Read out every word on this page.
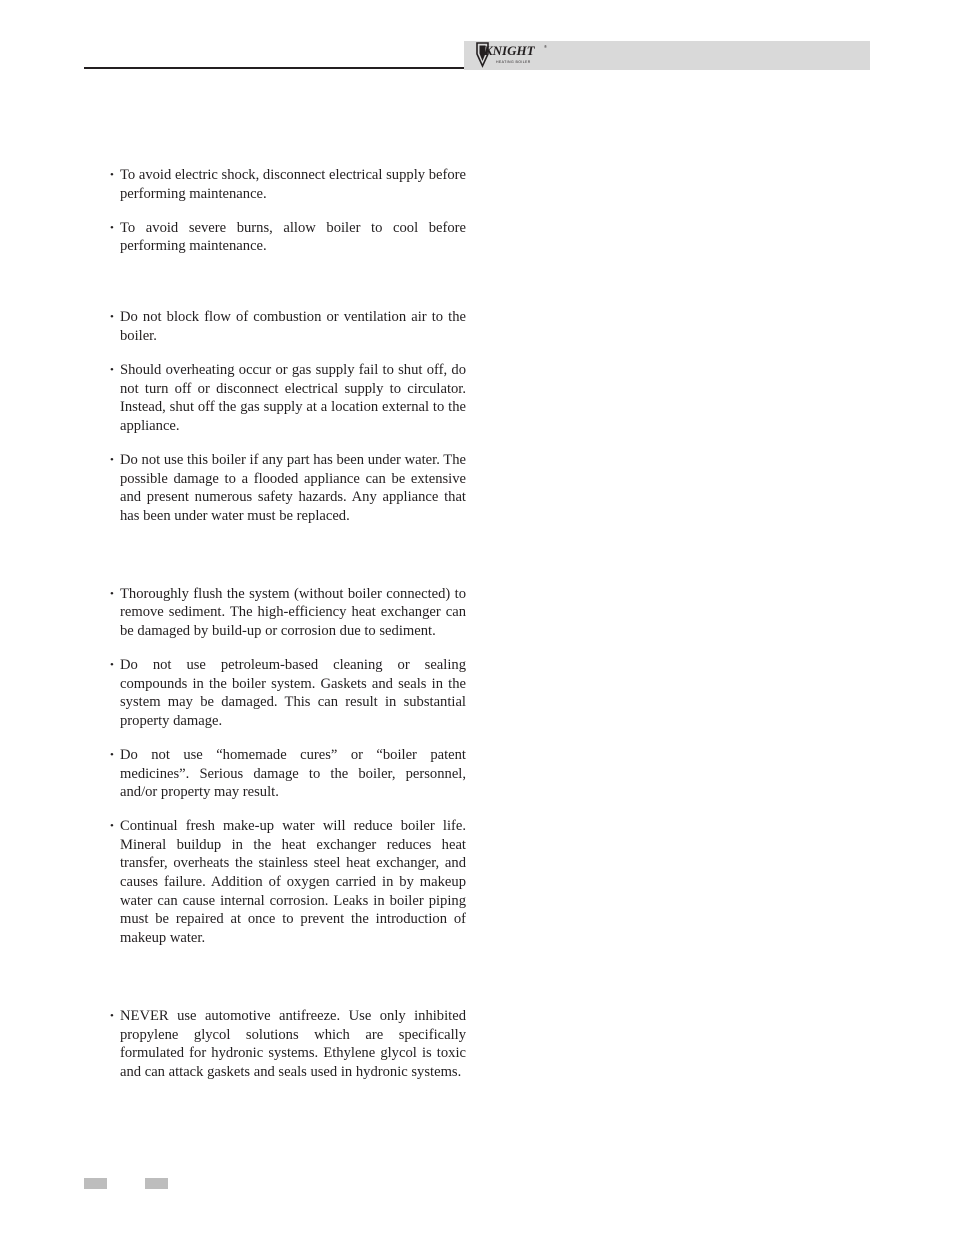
KNIGHT
HEATING BOILER
®
• To avoid electric shock, disconnect electrical supply before performing maintenance.
• To avoid severe burns, allow boiler to cool before performing maintenance.
• Do not block flow of combustion or ventilation air to the boiler.
• Should overheating occur or gas supply fail to shut off, do not turn off or disconnect electrical supply to circulator. Instead, shut off the gas supply at a location external to the appliance.
• Do not use this boiler if any part has been under water. The possible damage to a flooded appliance can be extensive and present numerous safety hazards. Any appliance that has been under water must be replaced.
• Thoroughly flush the system (without boiler connected) to remove sediment. The high-efficiency heat exchanger can be damaged by build-up or corrosion due to sediment.
• Do not use petroleum-based cleaning or sealing compounds in the boiler system. Gaskets and seals in the system may be damaged. This can result in substantial property damage.
• Do not use “homemade cures” or “boiler patent medicines”. Serious damage to the boiler, personnel, and/or property may result.
• Continual fresh make-up water will reduce boiler life. Mineral buildup in the heat exchanger reduces heat transfer, overheats the stainless steel heat exchanger, and causes failure. Addition of oxygen carried in by makeup water can cause internal corrosion. Leaks in boiler piping must be repaired at once to prevent the introduction of makeup water.
• NEVER use automotive antifreeze. Use only inhibited propylene glycol solutions which are specifically formulated for hydronic systems. Ethylene glycol is toxic and can attack gaskets and seals used in hydronic systems.
